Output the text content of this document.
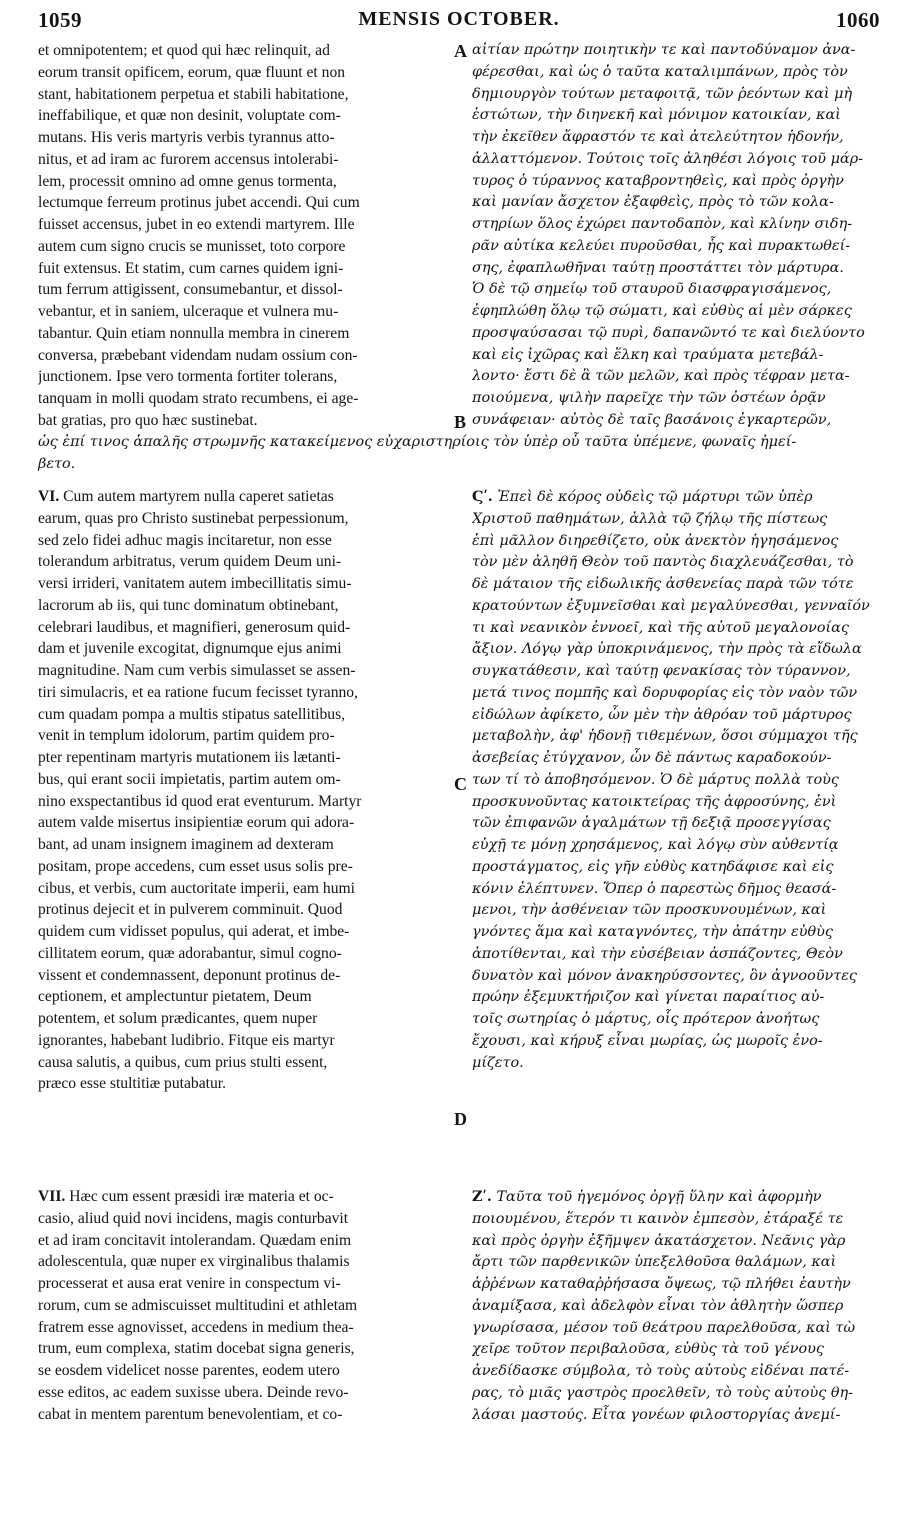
1059	MENSIS OCTOBER.	1060
A
B
C
D
et omnipotentem; et quod qui hæc relinquit, ad
eorum transit opificem, eorum, quæ fluunt et non
stant, habitationem perpetua et stabili habitatione,
ineffabilique, et quæ non desinit, voluptate com-
mutans. His veris martyris verbis tyrannus atto-
nitus, et ad iram ac furorem accensus intolerabi-
lem, processit omnino ad omne genus tormenta,
lectumque ferreum protinus jubet accendi. Qui cum
fuisset accensus, jubet in eo extendi martyrem. Ille
autem cum signo crucis se munisset, toto corpore
fuit extensus. Et statim, cum carnes quidem igni-
tum ferrum attigissent, consumebantur, et dissol-
vebantur, et in saniem, ulceraque et vulnera mu-
tabantur. Quin etiam nonnulla membra in cinerem
conversa, præbebant videndam nudam ossium con-
junctionem. Ipse vero tormenta fortiter tolerans,
tanquam in molli quodam strato recumbens, ei age-
bat gratias, pro quo hæc sustinebat.
αἰτίαν πρώτην ποιητικὴν τε καὶ παντοδύναμον ἀνα-
φέρεσθαι, καὶ ὡς ὁ ταῦτα καταλιμπάνων, πρὸς τὸν
δημιουργὸν τούτων μεταφοιτᾷ, τῶν ῥεόντων καὶ μὴ
ἑστώτων, τὴν διηνεκῆ καὶ μόνιμον κατοικίαν, καὶ
τὴν ἐκεῖθεν ἄφραστόν τε καὶ ἀτελεύτητον ἡδονήν,
ἀλλαττόμενον. Τούτοις τοῖς ἀληθέσι λόγοις τοῦ μάρ-
τυρος ὁ τύραννος καταβροντηθεὶς, καὶ πρὸς ὀργὴν
καὶ μανίαν ἄσχετον ἐξαφθεὶς, πρὸς τὸ τῶν κολα-
στηρίων ὅλος ἐχώρει παντοδαπὸν, καὶ κλίνην σιδη-
ρᾶν αὐτίκα κελεύει πυροῦσθαι, ἧς καὶ πυρακτωθεί-
σης, ἐφαπλωθῆναι ταύτῃ προστάττει τὸν μάρτυρα.
Ὁ δὲ τῷ σημείῳ τοῦ σταυροῦ διασφραγισάμενος,
ἐφηπλώθη ὅλῳ τῷ σώματι, καὶ εὐθὺς αἱ μὲν σάρκες
προσψαύσασαι τῷ πυρὶ, δαπανῶντό τε καὶ διελύοντο
καὶ εἰς ἰχῶρας καὶ ἕλκη καὶ τραύματα μετεβάλ-
λοντο· ἔστι δὲ ἃ τῶν μελῶν, καὶ πρὸς τέφραν μετα-
ποιούμενα, ψιλὴν παρεῖχε τὴν τῶν ὀστέων ὁρᾷν
συνάφειαν· αὐτὸς δὲ ταῖς βασάνοις ἐγκαρτερῶν,
ὡς ἐπί τινος ἁπαλῆς στρωμνῆς κατακείμενος εὐχαριστηρίοις τὸν ὑπὲρ οὗ ταῦτα ὑπέμενε, φωναῖς ἠμεί-
βετο.
VI. Cum autem martyrem nulla caperet satietas
earum, quas pro Christo sustinebat perpessionum,
sed zelo fidei adhuc magis incitaretur, non esse
tolerandum arbitratus, verum quidem Deum uni-
versi irrideri, vanitatem autem imbecillitatis simu-
lacrorum ab iis, qui tunc dominatum obtinebant,
celebrari laudibus, et magnifieri, generosum quid-
dam et juvenile excogitat, dignumque ejus animi
magnitudine. Nam cum verbis simulasset se assen-
tiri simulacris, et ea ratione fucum fecisset tyranno,
cum quadam pompa a multis stipatus satellitibus,
venit in templum idolorum, partim quidem pro-
pter repentinam martyris mutationem iis lætanti-
bus, qui erant socii impietatis, partim autem om-
nino exspectantibus id quod erat eventurum. Martyr
autem valde misertus insipientiæ eorum qui adora-
bant, ad unam insignem imaginem ad dexteram
positam, prope accedens, cum esset usus solis pre-
cibus, et verbis, cum auctoritate imperii, eam humi
protinus dejecit et in pulverem comminuit. Quod
quidem cum vidisset populus, qui aderat, et imbe-
cillitatem eorum, quæ adorabantur, simul cogno-
vissent et condemnassent, deponunt protinus de-
ceptionem, et amplectuntur pietatem, Deum
potentem, et solum prædicantes, quem nuper
ignorantes, habebant ludibrio. Fitque eis martyr
causa salutis, a quibus, cum prius stulti essent,
præco esse stultitiæ putabatur.
Ϛʹ. Ἐπεὶ δὲ κόρος οὐδεὶς τῷ μάρτυρι τῶν ὑπὲρ
Χριστοῦ παθημάτων, ἀλλὰ τῷ ζήλῳ τῆς πίστεως
ἐπὶ μᾶλλον διηρεθίζετο, οὐκ ἀνεκτὸν ἡγησάμενος
τὸν μὲν ἀληθῆ Θεὸν τοῦ παντὸς διαχλευάζεσθαι, τὸ
δὲ μάταιον τῆς εἰδωλικῆς ἀσθενείας παρὰ τῶν τότε
κρατούντων ἐξυμνεῖσθαι καὶ μεγαλύνεσθαι, γενναῖόν
τι καὶ νεανικὸν ἐννοεῖ, καὶ τῆς αὐτοῦ μεγαλονοίας
ἄξιον. Λόγῳ γὰρ ὑποκρινάμενος, τὴν πρὸς τὰ εἴδωλα
συγκατάθεσιν, καὶ ταύτῃ φενακίσας τὸν τύραννον,
μετά τινος πομπῆς καὶ δορυφορίας εἰς τὸν ναὸν τῶν
εἰδώλων ἀφίκετο, ὧν μὲν τὴν ἀθρόαν τοῦ μάρτυρος
μεταβολὴν, ἀφ' ἡδονῇ τιθεμένων, ὅσοι σύμμαχοι τῆς
ἀσεβείας ἐτύγχανον, ὧν δὲ πάντως καραδοκούν-
των τί τὸ ἀποβησόμενον. Ὁ δὲ μάρτυς πολλὰ τοὺς
προσκυνοῦντας κατοικτείρας τῆς ἀφροσύνης, ἑνὶ
τῶν ἐπιφανῶν ἀγαλμάτων τῇ δεξιᾷ προσεγγίσας
εὐχῇ τε μόνῃ χρησάμενος, καὶ λόγῳ σὺν αὐθεντίᾳ
προστάγματος, εἰς γῆν εὐθὺς κατηδάφισε καὶ εἰς
κόνιν ἐλέπτυνεν. Ὅπερ ὁ παρεστὼς δῆμος θεασά-
μενοι, τὴν ἀσθένειαν τῶν προσκυνουμένων, καὶ
γνόντες ἅμα καὶ καταγνόντες, τὴν ἀπάτην εὐθὺς
ἀποτίθενται, καὶ τὴν εὐσέβειαν ἀσπάζοντες, Θεὸν
δυνατὸν καὶ μόνον ἀνακηρύσσοντες, ὃν ἀγνοοῦντες
πρώην ἐξεμυκτήριζον καὶ γίνεται παραίτιος αὐ-
τοῖς σωτηρίας ὁ μάρτυς, οἷς πρότερον ἀνοήτως
ἔχουσι, καὶ κήρυξ εἶναι μωρίας, ὡς μωροῖς ἐνο-
μίζετο.
VII. Hæc cum essent præsidi iræ materia et oc-
casio, aliud quid novi incidens, magis conturbavit
et ad iram concitavit intolerandam. Quædam enim
adolescentula, quæ nuper ex virginalibus thalamis
processerat et ausa erat venire in conspectum vi-
rorum, cum se admiscuisset multitudini et athletam
fratrem esse agnovisset, accedens in medium thea-
trum, eum complexa, statim docebat signa generis,
se eosdem videlicet nosse parentes, eodem utero
esse editos, ac eadem suxisse ubera. Deinde revo-
cabat in mentem parentum benevolentiam, et co-
Ζʹ. Ταῦτα τοῦ ἡγεμόνος ὀργῇ ὕλην καὶ ἀφορμὴν
ποιουμένου, ἕτερόν τι καινὸν ἐμπεσὸν, ἐτάραξέ τε
καὶ πρὸς ὀργὴν ἐξῆμψεν ἀκατάσχετον. Νεᾶνις γὰρ
ἄρτι τῶν παρθενικῶν ὑπεξελθοῦσα θαλάμων, καὶ
ἀῤῥένων καταθαῤῥήσασα ὄψεως, τῷ πλήθει ἑαυτὴν
ἀναμίξασα, καὶ ἀδελφὸν εἶναι τὸν ἀθλητὴν ὥσπερ
γνωρίσασα, μέσον τοῦ θεάτρου παρελθοῦσα, καὶ τὼ
χεῖρε τοῦτον περιβαλοῦσα, εὐθὺς τὰ τοῦ γένους
ἀνεδίδασκε σύμβολα, τὸ τοὺς αὐτοὺς εἰδέναι πατέ-
ρας, τὸ μιᾶς γαστρὸς προελθεῖν, τὸ τοὺς αὐτοὺς θη-
λάσαι μαστούς. Εἶτα γονέων φιλοστοργίας ἀνεμί-
